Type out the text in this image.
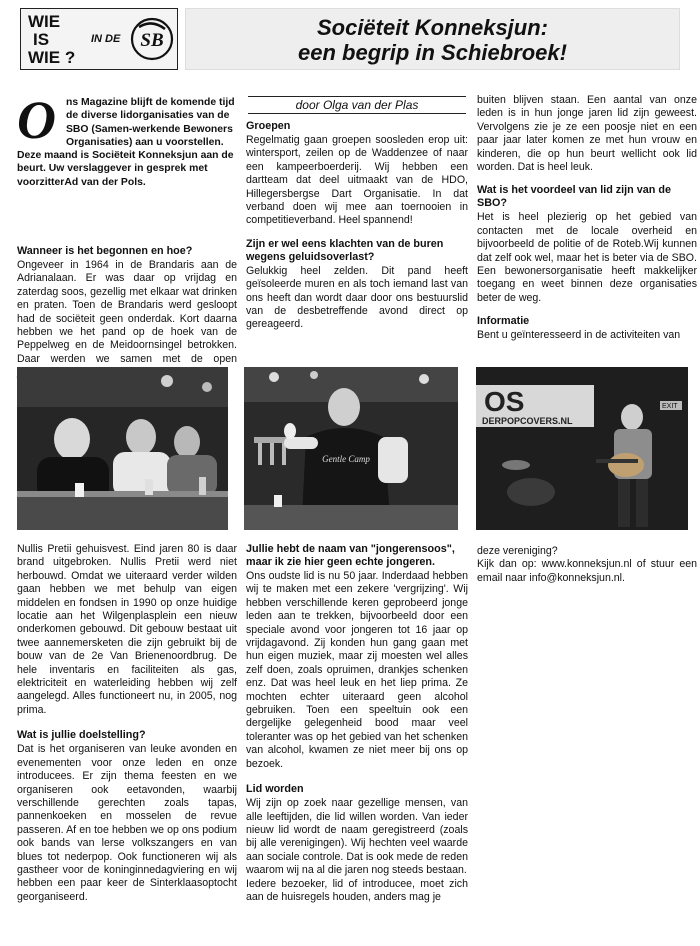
WIE
IS
WIE ?
IN DE SB
Sociëteit Konneksjun:
een begrip in Schiebroek!
O ns Magazine blijft de komende tijd de diverse lidorganisaties van de SBO (Samen-werkende Bewoners Organisaties) aan u voorstellen. Deze maand is Sociëteit Konneksjun aan de beurt. Uw verslaggever in gesprek met voorzitterAd van der Pols.
Wanneer is het begonnen en hoe?

Ongeveer in 1964 in de Brandaris aan de Adrianalaan. Er was daar op vrijdag en zaterdag soos, gezellig met elkaar wat drinken en praten. Toen de Brandaris werd gesloopt had de sociëteit geen onderdak. Kort daarna hebben we het pand op de hoek van de Peppelweg en de Meidoornsingel betrokken. Daar werden we samen met de open

door Olga van der Plas
Groepen

Regelmatig gaan groepen soosleden erop uit: wintersport, zeilen op de Waddenzee of naar een kampeerboerderij. Wij hebben een dartteam dat deel uitmaakt van de HDO, Hillegersbergse Dart Organisatie. In dat verband doen wij mee aan toernooien in competitieverband. Heel spannend!

Zijn er wel eens klachten van de buren wegens geluidsoverlast?

Gelukkig heel zelden. Dit pand heeft geïsoleerde muren en als toch iemand last van ons heeft dan wordt daar door ons bestuurslid van de desbetreffende avond direct op gereageerd.

buiten blijven staan. Een aantal van onze leden is in hun jonge jaren lid zijn geweest. Vervolgens zie je ze een poosje niet en een paar jaar later komen ze met hun vrouw en kinderen, die op hun beurt wellicht ook lid worden. Dat is heel leuk.

Wat is het voordeel van lid zijn van de SBO?

Het is heel plezierig op het gebied van contacten met de locale overheid en bijvoorbeeld de politie of de Roteb.Wij kunnen dat zelf ook wel, maar het is beter via de SBO. Een bewonersorganisatie heeft makkelijker toegang en weet binnen deze organisaties beter de weg.

Informatie

Bent u geïnteresseerd in de activiteiten van

Gentle Camp
OS
DERPOPCOVERS.NL
EXIT

Nullis Pretii gehuisvest. Eind jaren 80 is daar brand uitgebroken. Nullis Pretii werd niet herbouwd. Omdat we uiteraard verder wilden gaan hebben we met behulp van eigen middelen en fondsen in 1990 op onze huidige locatie aan het Wilgenplasplein een nieuw onderkomen gebouwd. Dit gebouw bestaat uit twee aannemersketen die zijn gebruikt bij de bouw van de 2e Van Brienenoordbrug. De hele inventaris en faciliteiten als gas, elektriciteit en waterleiding hebben wij zelf aangelegd. Alles functioneert nu, in 2005, nog prima.

Wat is jullie doelstelling?

Dat is het organiseren van leuke avonden en evenementen voor onze leden en onze introducees. Er zijn thema feesten en we organiseren ook eetavonden, waarbij verschillende gerechten zoals tapas, pannenkoeken en mosselen de revue passeren. Af en toe hebben we op ons podium ook bands van lerse volkszangers en van blues tot nederpop. Ook functioneren wij als gastheer voor de koninginnedagviering en wij hebben een paar keer de Sinterklaasoptocht georganiseerd.

Jullie hebt de naam van "jongerensoos", maar ik zie hier geen echte jongeren.

Ons oudste lid is nu 50 jaar. Inderdaad hebben wij te maken met een zekere 'vergrijzing'. Wij hebben verschillende keren geprobeerd jonge leden aan te trekken, bijvoorbeeld door een speciale avond voor jongeren tot 16 jaar op vrijdagavond. Zij konden hun gang gaan met hun eigen muziek, maar zij moesten wel alles zelf doen, zoals opruimen, drankjes schenken enz. Dat was heel leuk en het liep prima. Ze mochten echter uiteraard geen alcohol gebruiken. Toen een speeltuin ook een dergelijke gelegenheid bood maar veel toleranter was op het gebied van het schenken van alcohol, kwamen ze niet meer bij ons op bezoek.

Lid worden

Wij zijn op zoek naar gezellige mensen, van alle leeftijden, die lid willen worden. Van ieder nieuw lid wordt de naam geregistreerd (zoals bij alle verenigingen). Wij hechten veel waarde aan sociale controle. Dat is ook mede de reden waarom wij na al die jaren nog steeds bestaan.

Iedere bezoeker, lid of introducee, moet zich aan de huisregels houden, anders mag je

deze vereniging?

Kijk dan op: www.konneksjun.nl of stuur een email naar info@konneksjun.nl.
